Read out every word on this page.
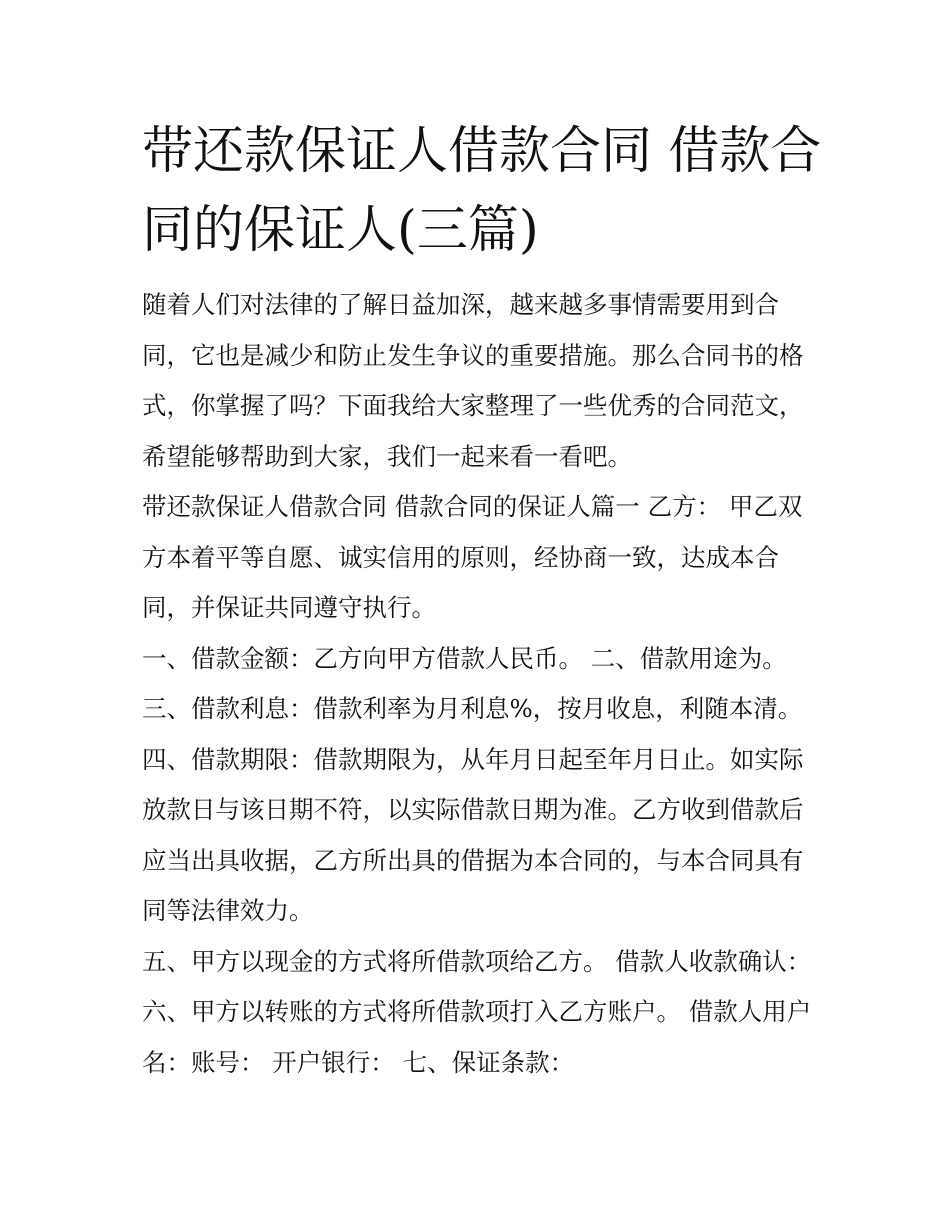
带还款保证人借款合同 借款合同的保证人(三篇)

随着人们对法律的了解日益加深，越来越多事情需要用到合同，它也是减少和防止发生争议的重要措施。那么合同书的格式，你掌握了吗？下面我给大家整理了一些优秀的合同范文，希望能够帮助到大家，我们一起来看一看吧。

带还款保证人借款合同 借款合同的保证人篇一 乙方： 甲乙双方本着平等自愿、诚实信用的原则，经协商一致，达成本合同，并保证共同遵守执行。

一、借款金额：乙方向甲方借款人民币。 二、借款用途为。

三、借款利息：借款利率为月利息%，按月收息，利随本清。

四、借款期限：借款期限为，从年月日起至年月日止。如实际放款日与该日期不符，以实际借款日期为准。乙方收到借款后应当出具收据，乙方所出具的借据为本合同的，与本合同具有同等法律效力。

五、甲方以现金的方式将所借款项给乙方。 借款人收款确认： 六、甲方以转账的方式将所借款项打入乙方账户。 借款人用户名：账号： 开户银行： 七、保证条款：
